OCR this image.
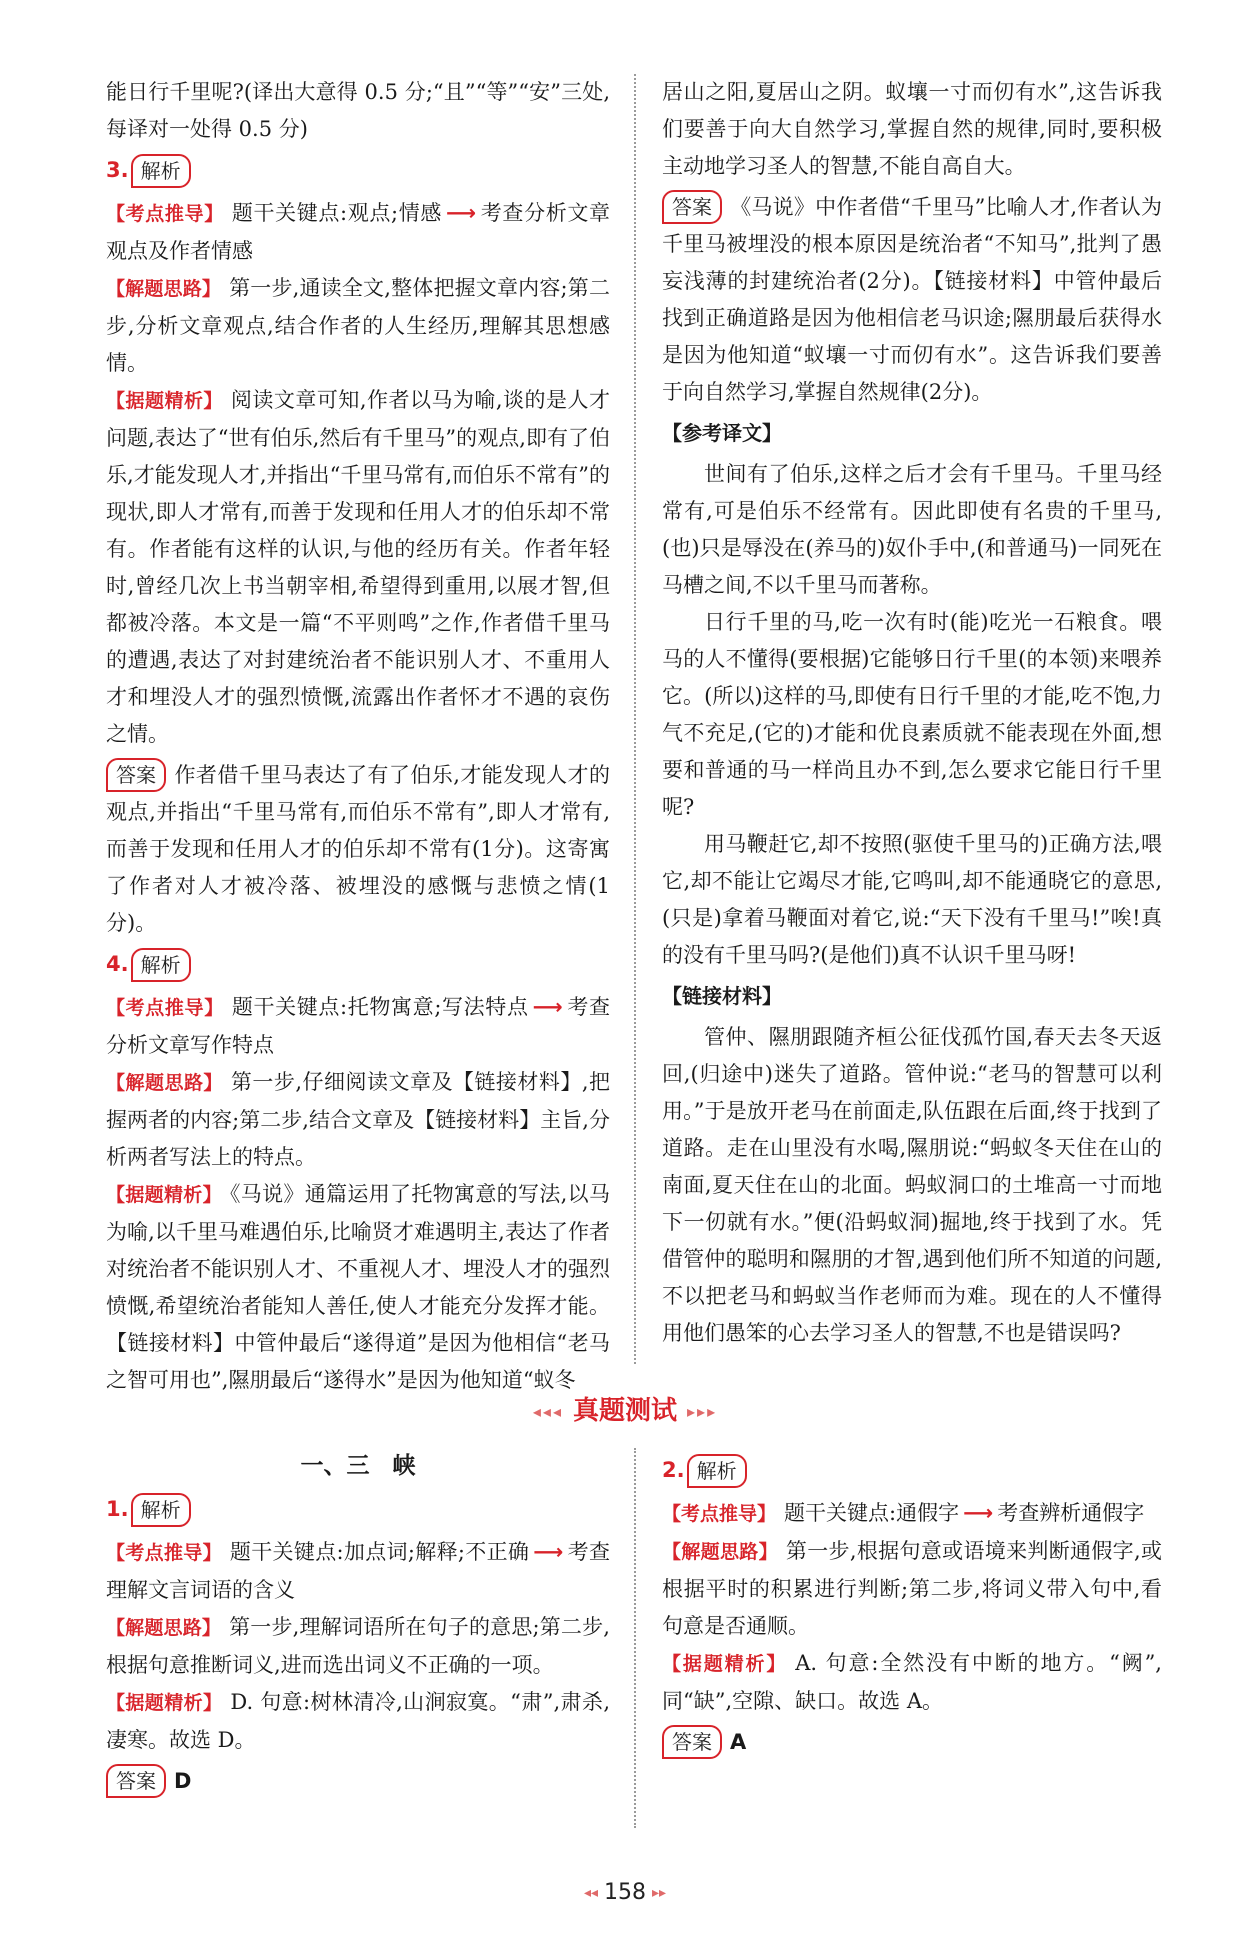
能日行千里呢?(译出大意得 0.5 分;“且”“等”“安”三处,每译对一处得 0.5 分)

3. 解析

【考点推导】 题干关键点:观点;情感 ⟶ 考查分析文章观点及作者情感

【解题思路】 第一步,通读全文,整体把握文章内容;第二步,分析文章观点,结合作者的人生经历,理解其思想感情。

【据题精析】 阅读文章可知,作者以马为喻,谈的是人才问题,表达了“世有伯乐,然后有千里马”的观点,即有了伯乐,才能发现人才,并指出“千里马常有,而伯乐不常有”的现状,即人才常有,而善于发现和任用人才的伯乐却不常有。作者能有这样的认识,与他的经历有关。作者年轻时,曾经几次上书当朝宰相,希望得到重用,以展才智,但都被冷落。本文是一篇“不平则鸣”之作,作者借千里马的遭遇,表达了对封建统治者不能识别人才、不重用人才和埋没人才的强烈愤慨,流露出作者怀才不遇的哀伤之情。

答案 作者借千里马表达了有了伯乐,才能发现人才的观点,并指出“千里马常有,而伯乐不常有”,即人才常有,而善于发现和任用人才的伯乐却不常有(1分)。这寄寓了作者对人才被冷落、被埋没的感慨与悲愤之情(1分)。

4. 解析

【考点推导】 题干关键点:托物寓意;写法特点 ⟶ 考查分析文章写作特点

【解题思路】 第一步,仔细阅读文章及【链接材料】,把握两者的内容;第二步,结合文章及【链接材料】主旨,分析两者写法上的特点。

【据题精析】 《马说》通篇运用了托物寓意的写法,以马为喻,以千里马难遇伯乐,比喻贤才难遇明主,表达了作者对统治者不能识别人才、不重视人才、埋没人才的强烈愤慨,希望统治者能知人善任,使人才能充分发挥才能。【链接材料】中管仲最后“遂得道”是因为他相信“老马之智可用也”,隰朋最后“遂得水”是因为他知道“蚁冬

居山之阳,夏居山之阴。蚁壤一寸而仞有水”,这告诉我们要善于向大自然学习,掌握自然的规律,同时,要积极主动地学习圣人的智慧,不能自高自大。

答案 《马说》中作者借“千里马”比喻人才,作者认为千里马被埋没的根本原因是统治者“不知马”,批判了愚妄浅薄的封建统治者(2分)。【链接材料】中管仲最后找到正确道路是因为他相信老马识途;隰朋最后获得水是因为他知道“蚁壤一寸而仞有水”。这告诉我们要善于向自然学习,掌握自然规律(2分)。

【参考译文】

世间有了伯乐,这样之后才会有千里马。千里马经常有,可是伯乐不经常有。因此即使有名贵的千里马,(也)只是辱没在(养马的)奴仆手中,(和普通马)一同死在马槽之间,不以千里马而著称。

日行千里的马,吃一次有时(能)吃光一石粮食。喂马的人不懂得(要根据)它能够日行千里(的本领)来喂养它。(所以)这样的马,即使有日行千里的才能,吃不饱,力气不充足,(它的)才能和优良素质就不能表现在外面,想要和普通的马一样尚且办不到,怎么要求它能日行千里呢?

用马鞭赶它,却不按照(驱使千里马的)正确方法,喂它,却不能让它竭尽才能,它鸣叫,却不能通晓它的意思,(只是)拿着马鞭面对着它,说:“天下没有千里马!”唉!真的没有千里马吗?(是他们)真不认识千里马呀!

【链接材料】

管仲、隰朋跟随齐桓公征伐孤竹国,春天去冬天返回,(归途中)迷失了道路。管仲说:“老马的智慧可以利用。”于是放开老马在前面走,队伍跟在后面,终于找到了道路。走在山里没有水喝,隰朋说:“蚂蚁冬天住在山的南面,夏天住在山的北面。蚂蚁洞口的土堆高一寸而地下一仞就有水。”便(沿蚂蚁洞)掘地,终于找到了水。凭借管仲的聪明和隰朋的才智,遇到他们所不知道的问题,不以把老马和蚂蚁当作老师而为难。现在的人不懂得用他们愚笨的心去学习圣人的智慧,不也是错误吗?

◂◂◂ 真题测试 ▸▸▸
一、三　峡
1. 解析

【考点推导】 题干关键点:加点词;解释;不正确 ⟶ 考查理解文言词语的含义

【解题思路】 第一步,理解词语所在句子的意思;第二步,根据句意推断词义,进而选出词义不正确的一项。

【据题精析】 D. 句意:树林清冷,山涧寂寞。“肃”,肃杀,凄寒。故选 D。

答案 D

2. 解析

【考点推导】 题干关键点:通假字 ⟶ 考查辨析通假字

【解题思路】 第一步,根据句意或语境来判断通假字,或根据平时的积累进行判断;第二步,将词义带入句中,看句意是否通顺。

【据题精析】 A. 句意:全然没有中断的地方。“阙”,同“缺”,空隙、缺口。故选 A。

答案 A

◂◂ 158 ▸▸
